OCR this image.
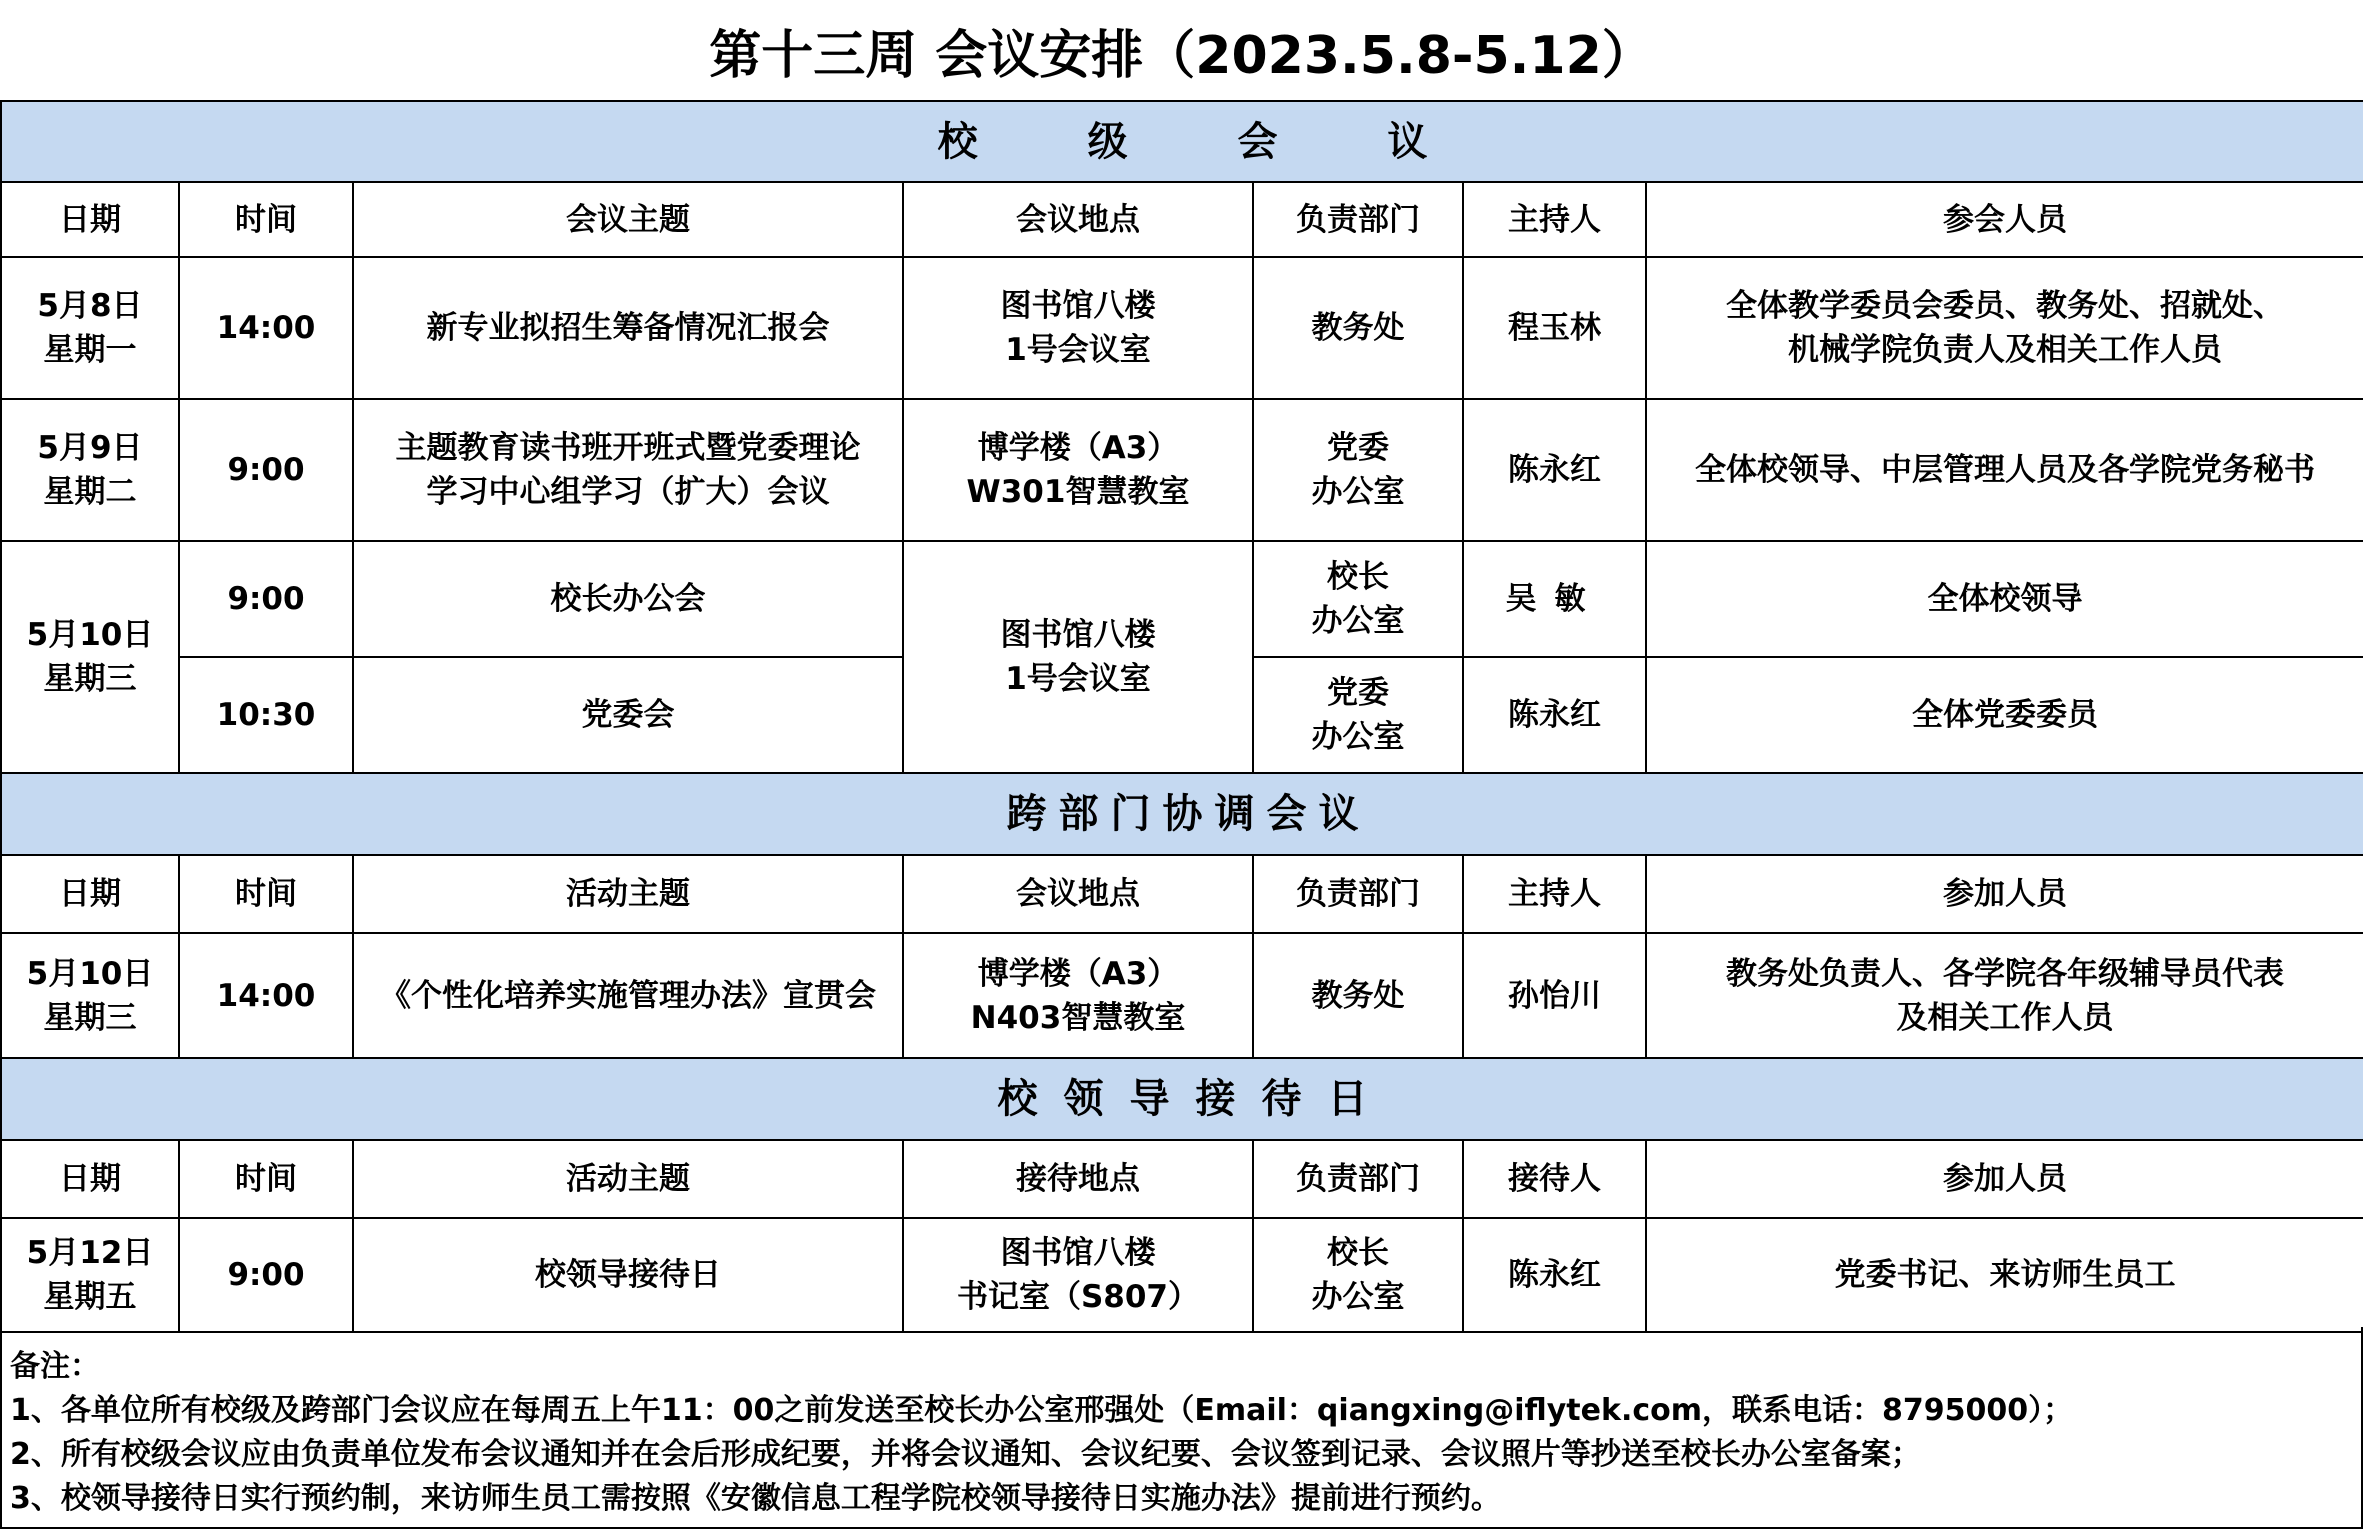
第十三周 会议安排（2023.5.8-5.12）
校 级 会 议						
日期	时间	会议主题	会议地点	负责部门	主持人	参会人员

5月8日
星期一	14:00	新专业拟招生筹备情况汇报会	图书馆八楼
1号会议室	教务处	程玉林	全体教学委员会委员、教务处、招就处、
机械学院负责人及相关工作人员

5月9日
星期二	9:00	主题教育读书班开班式暨党委理论
学习中心组学习（扩大）会议	博学楼（A3）
W301智慧教室	党委
办公室	陈永红	全体校领导、中层管理人员及各学院党务秘书

5月10日
星期三	9:00	校长办公会	图书馆八楼
1号会议室	校长
办公室	吴敏	全体校领导

	10:30	党委会		党委
办公室	陈永红	全体党委委员

跨部门协调会议						
日期	时间	活动主题	会议地点	负责部门	主持人	参加人员

5月10日
星期三	14:00	《个性化培养实施管理办法》宣贯会	博学楼（A3）
N403智慧教室	教务处	孙怡川	教务处负责人、各学院各年级辅导员代表
及相关工作人员

校领导接待日						
日期	时间	活动主题	接待地点	负责部门	接待人	参加人员

5月12日
星期五	9:00	校领导接待日	图书馆八楼
书记室（S807）	校长
办公室	陈永红	党委书记、来访师生员工
备注：
1、各单位所有校级及跨部门会议应在每周五上午11：00之前发送至校长办公室邢强处（Email：qiangxing@iflytek.com，联系电话：8795000）；
2、所有校级会议应由负责单位发布会议通知并在会后形成纪要，并将会议通知、会议纪要、会议签到记录、会议照片等抄送至校长办公室备案；
3、校领导接待日实行预约制，来访师生员工需按照《安徽信息工程学院校领导接待日实施办法》提前进行预约。
